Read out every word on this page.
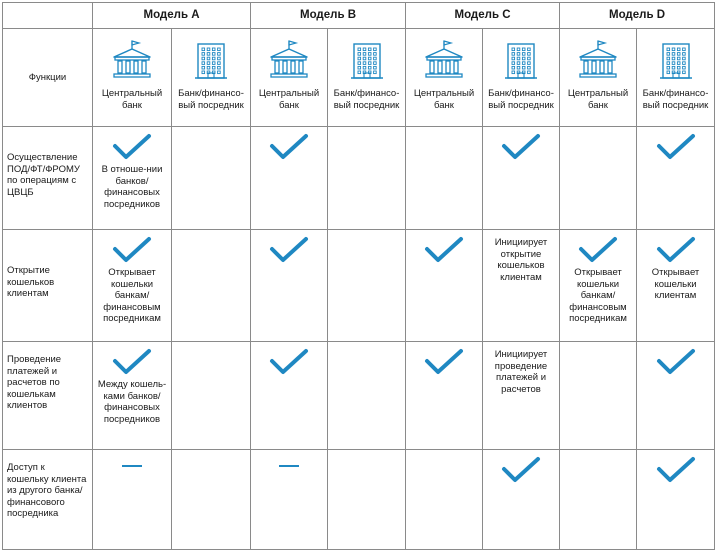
	Модель A		Модель B		Модель C		Модель D	
Функции	Центральный банк	Банк/финансо-вый посредник	Центральный банк	Банк/финансо-вый посредник	Центральный банк	Банк/финансо-вый посредник	Центральный банк	Банк/финансо-вый посредник

Осуществление ПОД/ФТ/ФРОМУ по операциям с ЦВЦБ	В отноше-нии банков/ финансовых посредников

Открытие кошельков клиентам	Открывает кошельки банкам/ финансовым посредникам					Инициирует открытие кошельков клиентам	Открывает кошельки банкам/ финансовым посредникам	Открывает кошельки клиентам

Проведение платежей и расчетов по кошелькам клиентов	Между кошель-ками банков/ финансовых посредников					Инициирует проведение платежей и расчетов

Доступ к кошельку клиента из другого банка/ финансового посредника	
